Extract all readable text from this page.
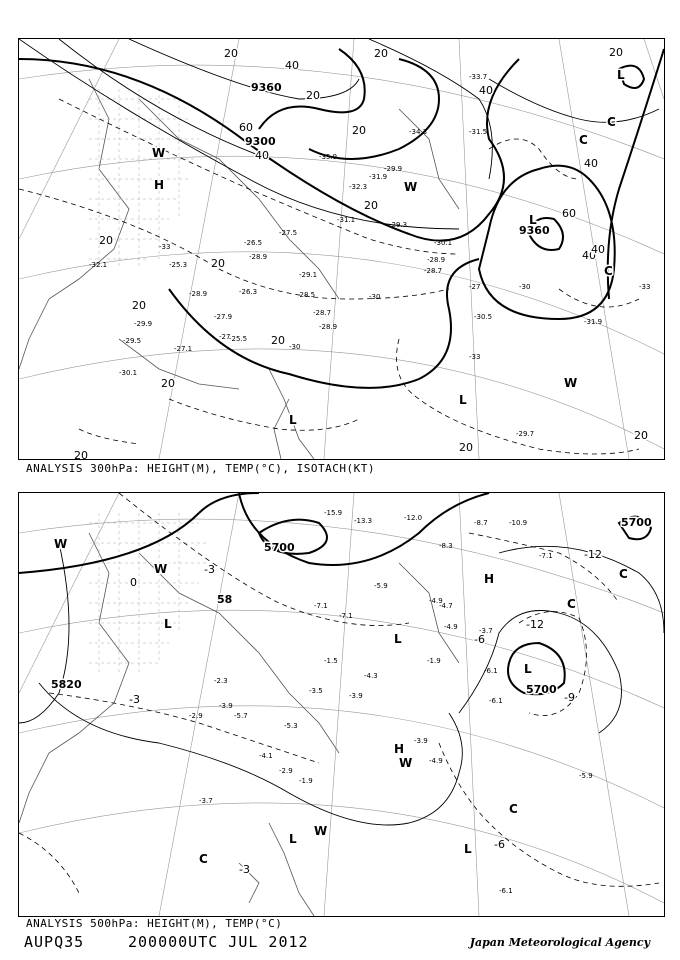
9360
9300
9360
20	20
40
20	40
60
40
20
20
40
60
40
20
20
20
20
20
20
20
40
20
20
-33
-30
-27	-30	-33
-27
-30
-33
L
L
H
L
L
W
W
C
C
C
W
-33.7
-31.5
-34.3
-35.9
-32.3
-31.9
-29.9
-31.1
-30.1
-29.3
-28.7
-28.9
-30.5
-31.9
-29.7
-27.5
-26.5
-28.9
-29.1
-28.5
-28.7
-28.9
-26.3
-28.9
-27.9
-25.5
-27.1
-30.1
-29.9
-29.5
-32.1	-25.3
ANALYSIS 300hPa: HEIGHT(M), TEMP(°C), ISOTACH(KT)
5700
5700
5700
5820
58
-12
-12
-9
-6
-3
-6
-3
0
-3
L
L
L
L
L
H
H
W
W
W
W
C
C
C
C
-15.9
-13.3	-12.0
-8.7	-10.9
-7.1
-7.1
-8.3
-5.9
-7.1
-4.9
-4.7
-4.9
-1.9
-3.7
-6.1
-6.1
-4.3
-3.9
-3.5
-1.5
-2.3
-2.9
-3.9
-5.7
-5.3
-5.9
-6.1
-4.9
-3.9
-4.1
-2.9
-1.9
-3.7
ANALYSIS 500hPa: HEIGHT(M), TEMP(°C)
AUPQ35	200000UTC JUL 2012	Japan Meteorological Agency
